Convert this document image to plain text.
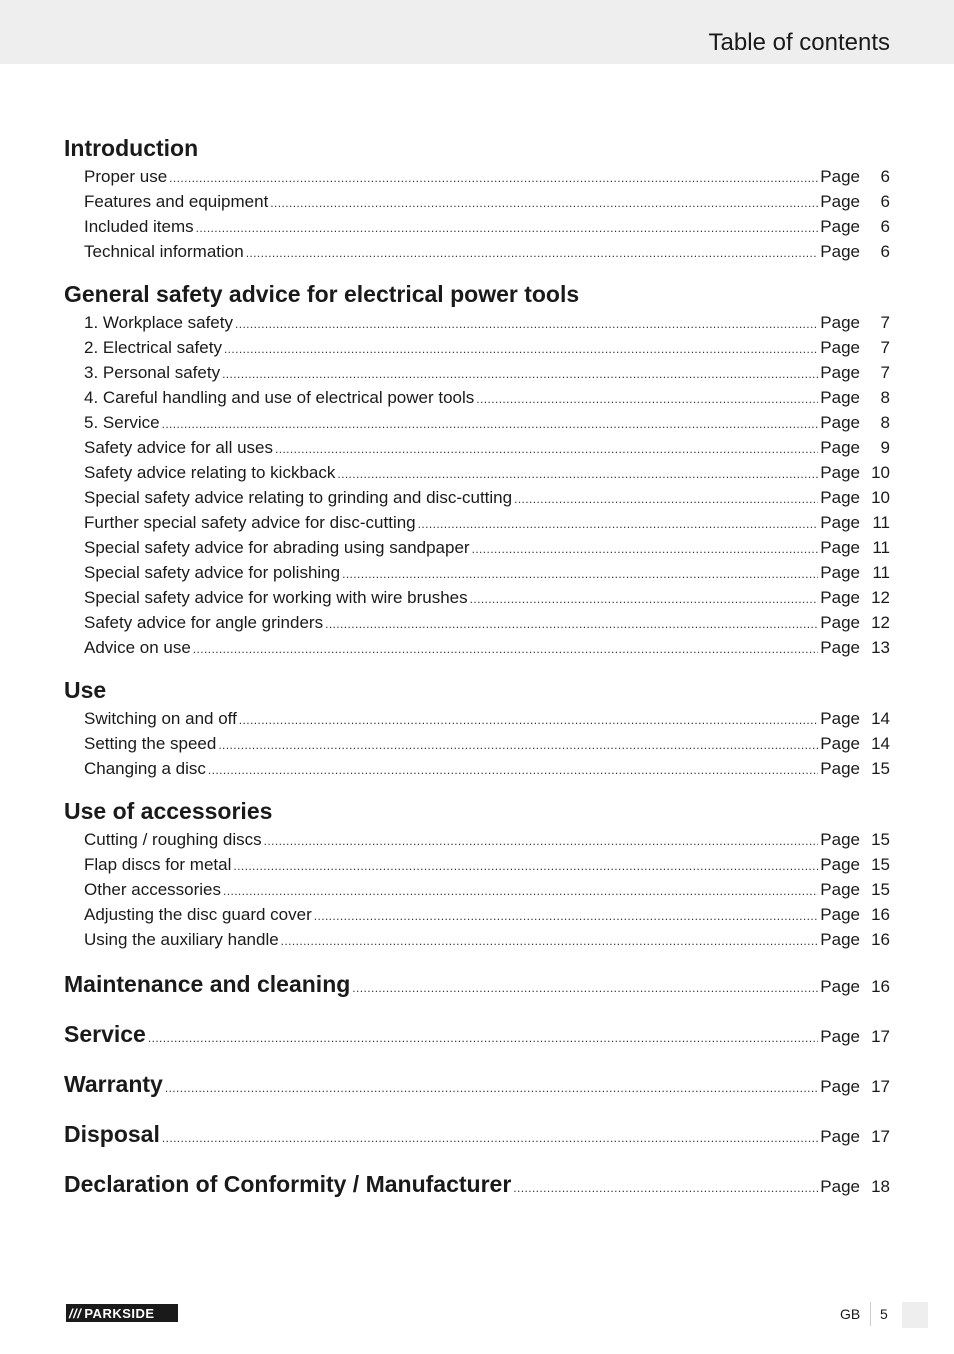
Table of contents
Introduction
Proper use .....	Page	6
Features and equipment .....	Page	6
Included items .....	Page	6
Technical information .....	Page	6
General safety advice for electrical power tools
1. Workplace safety .....	Page	7
2. Electrical safety .....	Page	7
3. Personal safety .....	Page	7
4. Careful handling and use of electrical power tools .....	Page	8
5. Service .....	Page	8
Safety advice for all uses .....	Page	9
Safety advice relating to kickback .....	Page 10
Special safety advice relating to grinding and disc-cutting .....	Page 10
Further special safety advice for disc-cutting .....	Page 11
Special safety advice for abrading using sandpaper .....	Page 11
Special safety advice for polishing .....	Page 11
Special safety advice for working with wire brushes .....	Page 12
Safety advice for angle grinders .....	Page 12
Advice on use .....	Page 13
Use
Switching on and off .....	Page 14
Setting the speed .....	Page 14
Changing a disc .....	Page 15
Use of accessories
Cutting / roughing discs .....	Page 15
Flap discs for metal .....	Page 15
Other accessories .....	Page 15
Adjusting the disc guard cover .....	Page 16
Using the auxiliary handle .....	Page 16
Maintenance and cleaning .....	Page 16
Service .....	Page 17
Warranty .....	Page 17
Disposal .....	Page 17
Declaration of Conformity / Manufacturer .....	Page 18
/// PARKSIDE	GB 5
